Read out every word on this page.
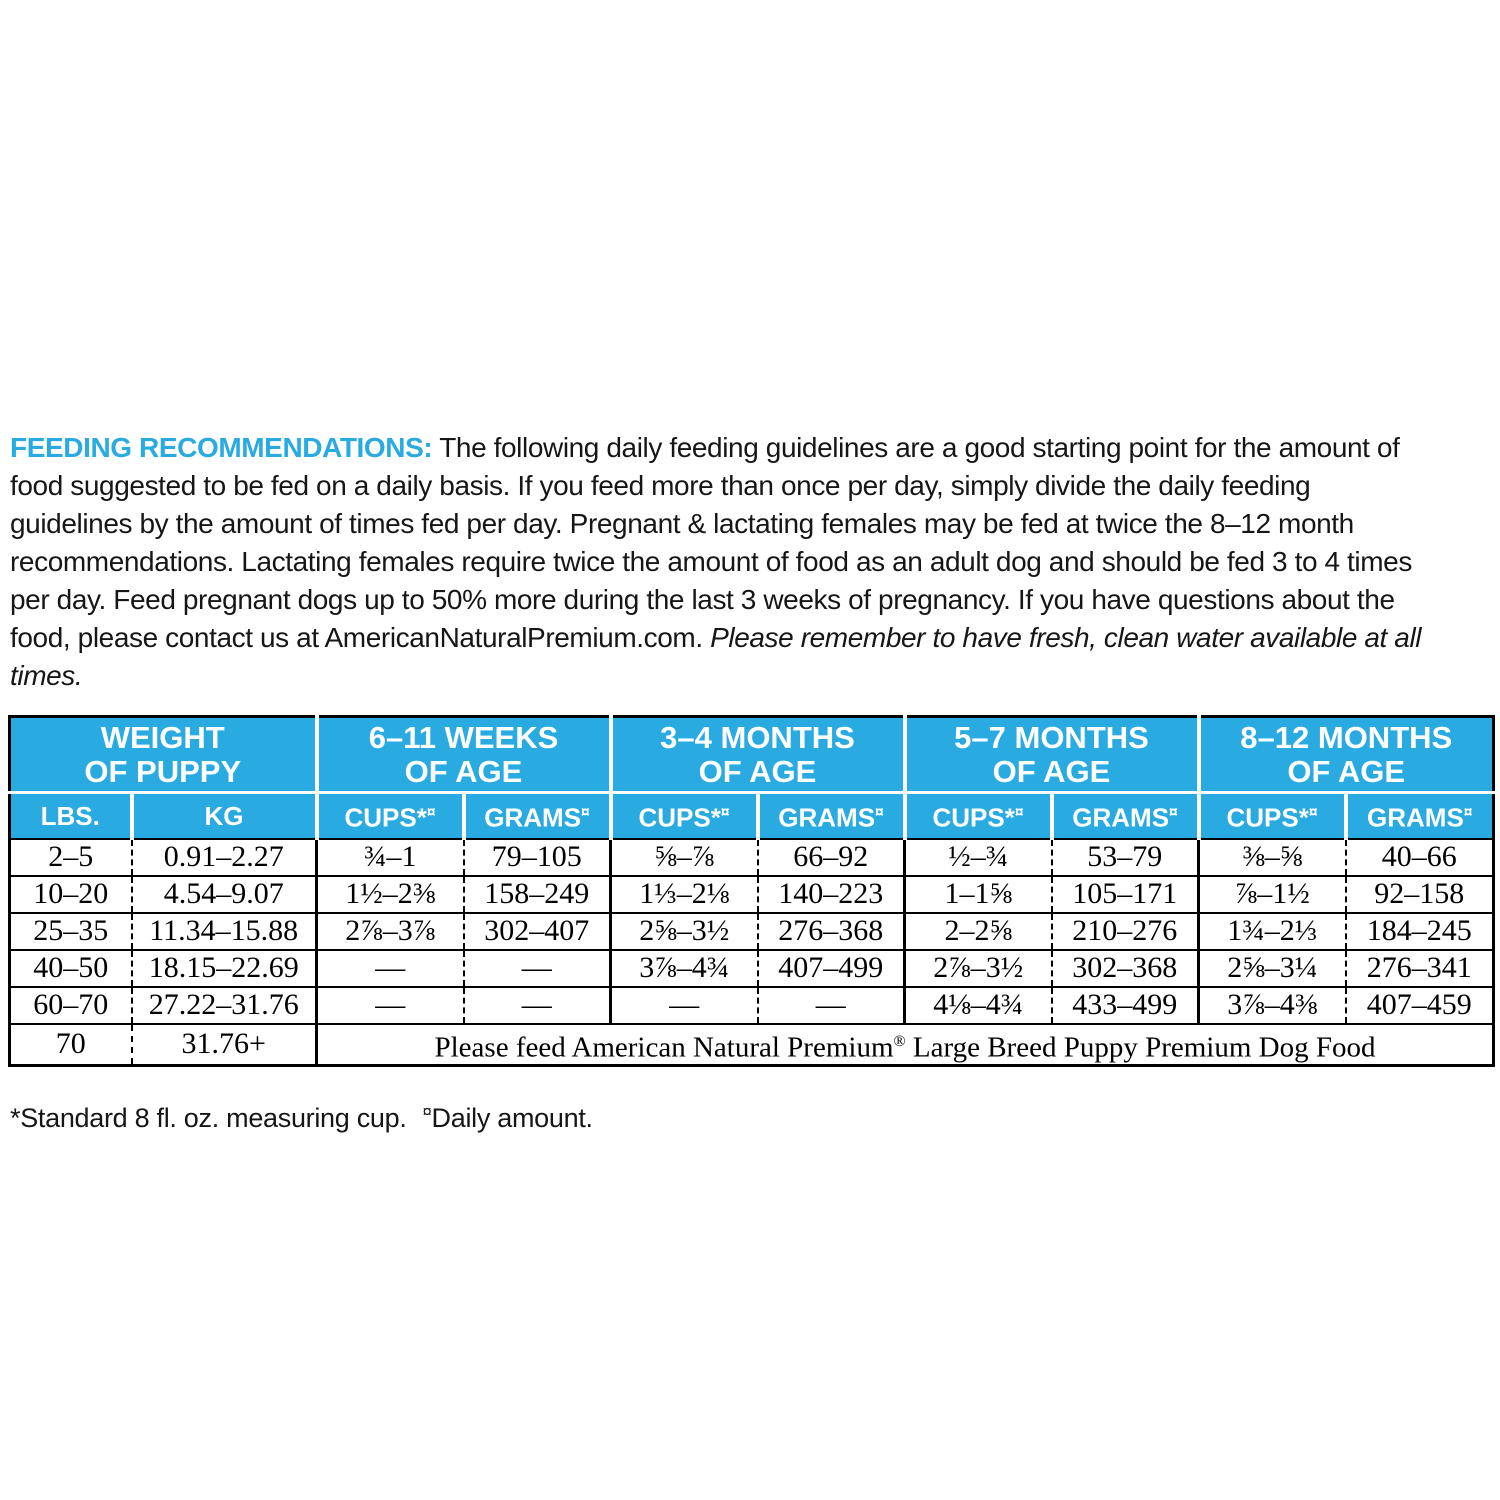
FEEDING RECOMMENDATIONS: The following daily feeding guidelines are a good starting point for the amount of food suggested to be fed on a daily basis. If you feed more than once per day, simply divide the daily feeding guidelines by the amount of times fed per day. Pregnant & lactating females may be fed at twice the 8–12 month recommendations. Lactating females require twice the amount of food as an adult dog and should be fed 3 to 4 times per day. Feed pregnant dogs up to 50% more during the last 3 weeks of pregnancy. If you have questions about the food, please contact us at AmericanNaturalPremium.com. Please remember to have fresh, clean water available at all times.

WEIGHT
OF PUPPY

6–11 WEEKS
OF AGE

3–4 MONTHS
OF AGE

5–7 MONTHS
OF AGE

8–12 MONTHS
OF AGE

LBS.	KG	CUPS*¤	GRAMS¤	CUPS*¤	GRAMS¤	CUPS*¤	GRAMS¤	CUPS*¤	GRAMS¤
2–5	0.91–2.27	¾–1	79–105	⅝–⅞	66–92	½–¾	53–79	⅜–⅝	40–66
10–20	4.54–9.07	1½–2⅜	158–249	1⅓–2⅛	140–223	1–1⅝	105–171	⅞–1½	92–158
25–35	11.34–15.88	2⅞–3⅞	302–407	2⅝–3½	276–368	2–2⅝	210–276	1¾–2⅓	184–245
40–50	18.15–22.69	—	—	3⅞–4¾	407–499	2⅞–3½	302–368	2⅝–3¼	276–341
60–70	27.22–31.76	—	—	—	—	4⅛–4¾	433–499	3⅞–4⅜	407–459
70	31.76+	Please feed American Natural Premium® Large Breed Puppy Premium Dog Food							

*Standard 8 fl. oz. measuring cup. ¤Daily amount.
